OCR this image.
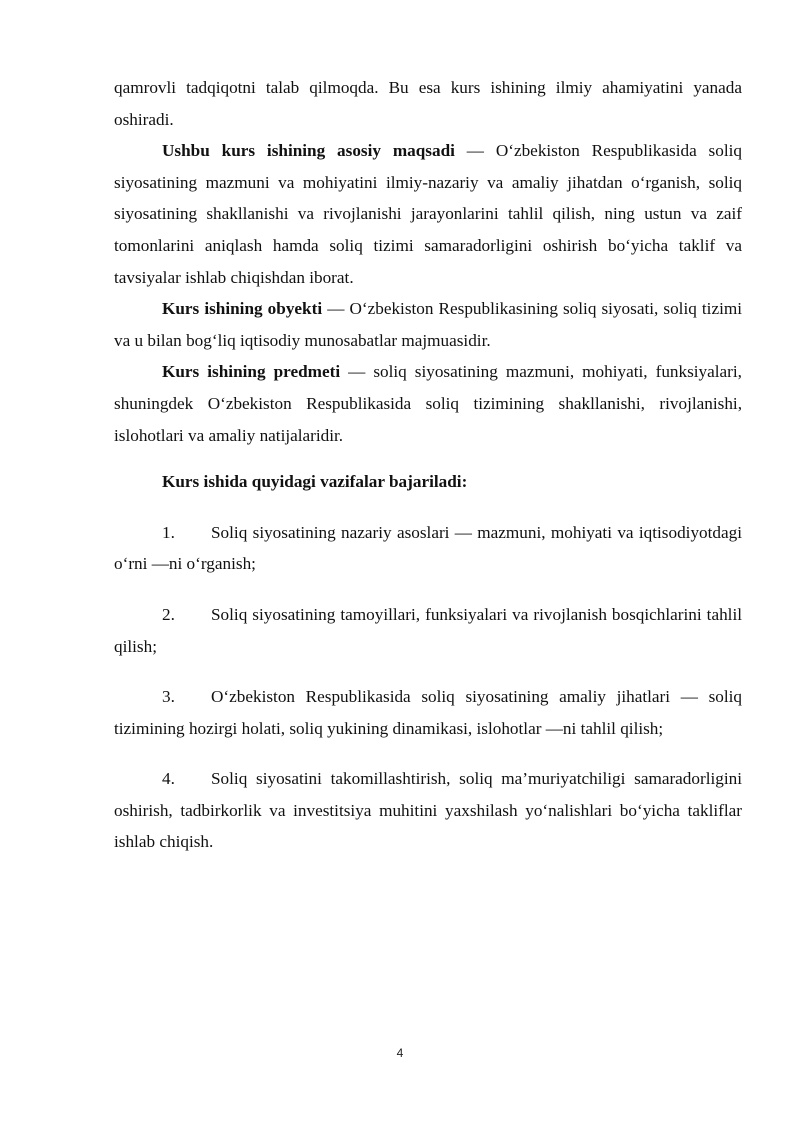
qamrovli tadqiqotni talab qilmoqda. Bu esa kurs ishining ilmiy ahamiyatini yanada oshiradi.

Ushbu kurs ishining asosiy maqsadi — O‘zbekiston Respublikasida soliq siyosatining mazmuni va mohiyatini ilmiy-nazariy va amaliy jihatdan o‘rganish, soliq siyosatining shakllanishi va rivojlanishi jarayonlarini tahlil qilish, ning ustun va zaif tomonlarini aniqlash hamda soliq tizimi samaradorligini oshirish bo‘yicha taklif va tavsiyalar ishlab chiqishdan iborat.

Kurs ishining obyekti — O‘zbekiston Respublikasining soliq siyosati, soliq tizimi va u bilan bog‘liq iqtisodiy munosabatlar majmuasidir.

Kurs ishining predmeti — soliq siyosatining mazmuni, mohiyati, funksiyalari, shuningdek O‘zbekiston Respublikasida soliq tizimining shakllanishi, rivojlanishi, islohotlari va amaliy natijalaridir.

Kurs ishida quyidagi vazifalar bajariladi:

1. Soliq siyosatining nazariy asoslari — mazmuni, mohiyati va iqtisodiyotdagi o‘rni —ni o‘rganish;

2. Soliq siyosatining tamoyillari, funksiyalari va rivojlanish bosqichlarini tahlil qilish;

3. O‘zbekiston Respublikasida soliq siyosatining amaliy jihatlari — soliq tizimining hozirgi holati, soliq yukining dinamikasi, islohotlar —ni tahlil qilish;

4. Soliq siyosatini takomillashtirish, soliq ma’muriyatchiligi samaradorligini oshirish, tadbirkorlik va investitsiya muhitini yaxshilash yo‘nalishlari bo‘yicha takliflar ishlab chiqish.

4
